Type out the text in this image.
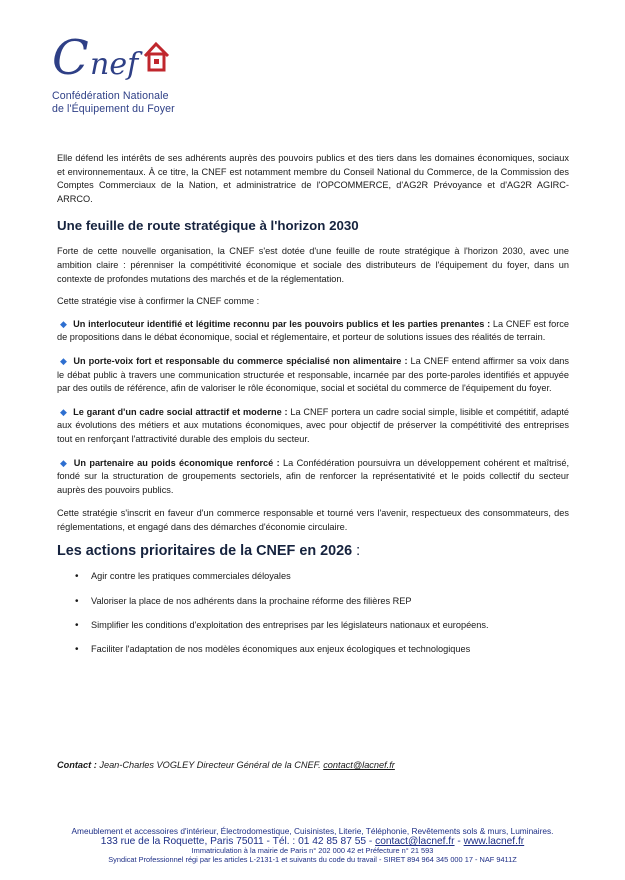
C nef
Confédération Nationale
de l'Équipement du Foyer

Elle défend les intérêts de ses adhérents auprès des pouvoirs publics et des tiers dans les domaines économiques, sociaux et environnementaux. À ce titre, la CNEF est notamment membre du Conseil National du Commerce, de la Commission des Comptes Commerciaux de la Nation, et administratrice de l'OPCOMMERCE, d'AG2R Prévoyance et d'AG2R AGIRC-ARRCO.

Une feuille de route stratégique à l'horizon 2030

Forte de cette nouvelle organisation, la CNEF s'est dotée d'une feuille de route stratégique à l'horizon 2030, avec une ambition claire : pérenniser la compétitivité économique et sociale des distributeurs de l'équipement du foyer, dans un contexte de profondes mutations des marchés et de la réglementation.

Cette stratégie vise à confirmer la CNEF comme :

◆ Un interlocuteur identifié et légitime reconnu par les pouvoirs publics et les parties prenantes : La CNEF est force de propositions dans le débat économique, social et réglementaire, et porteur de solutions issues des réalités de terrain.
◆ Un porte-voix fort et responsable du commerce spécialisé non alimentaire : La CNEF entend affirmer sa voix dans le débat public à travers une communication structurée et responsable, incarnée par des porte-paroles identifiés et appuyée par des outils de référence, afin de valoriser le rôle économique, social et sociétal du commerce de l'équipement du foyer.
◆ Le garant d'un cadre social attractif et moderne : La CNEF portera un cadre social simple, lisible et compétitif, adapté aux évolutions des métiers et aux mutations économiques, avec pour objectif de préserver la compétitivité des entreprises tout en renforçant l'attractivité durable des emplois du secteur.
◆ Un partenaire au poids économique renforcé : La Confédération poursuivra un développement cohérent et maîtrisé, fondé sur la structuration de groupements sectoriels, afin de renforcer la représentativité et le poids collectif du secteur auprès des pouvoirs publics.

Cette stratégie s'inscrit en faveur d'un commerce responsable et tourné vers l'avenir, respectueux des consommateurs, des réglementations, et engagé dans des démarches d'économie circulaire.

Les actions prioritaires de la CNEF en 2026 :
• Agir contre les pratiques commerciales déloyales
• Valoriser la place de nos adhérents dans la prochaine réforme des filières REP
• Simplifier les conditions d'exploitation des entreprises par les législateurs nationaux et européens.
• Faciliter l'adaptation de nos modèles économiques aux enjeux écologiques et technologiques
Contact : Jean-Charles VOGLEY Directeur Général de la CNEF. contact@lacnef.fr
Ameublement et accessoires d'intérieur, Électrodomestique, Cuisinistes, Literie, Téléphonie, Revêtements sols & murs, Luminaires.
133 rue de la Roquette, Paris 75011 - Tél. : 01 42 85 87 55 - contact@lacnef.fr - www.lacnef.fr
Immatriculation à la mairie de Paris n° 202 000 42 et Préfecture n° 21 593
Syndicat Professionnel régi par les articles L-2131-1 et suivants du code du travail - SIRET 894 964 345 000 17 - NAF 9411Z
